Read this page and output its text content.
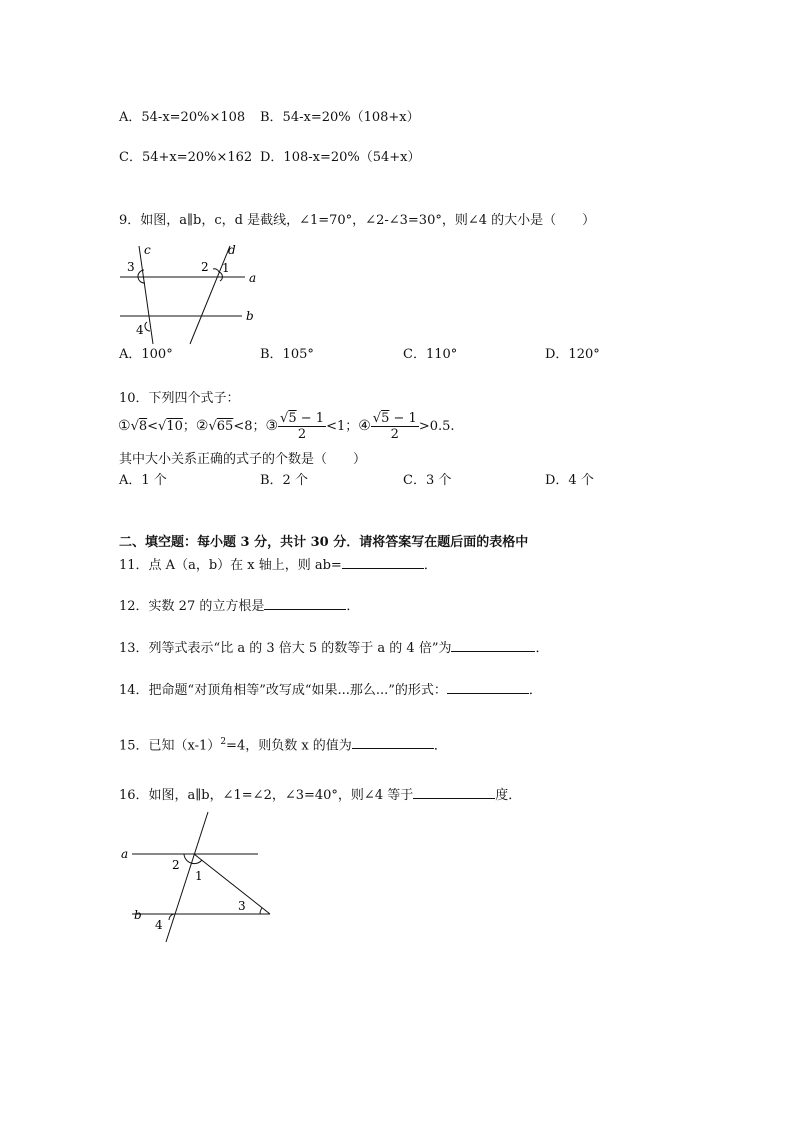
A．54-x=20%×108 B．54-x=20%（108+x）
C．54+x=20%×162 D．108-x=20%（54+x）
9．如图，a∥b，c，d 是截线，∠1=70°，∠2-∠3=30°，则∠4 的大小是（　　）
c	d
a
b
1
2
3
4
A．100°	B．105°	C．110°	D．120°
10．下列四个式子：
①√8<√10；②√65<8；③ $\frac{√5 - 1}{2} <1$；④ $\frac{√5 - 1}{2} >0.5$.
其中大小关系正确的式子的个数是（　　）
A．1 个	B．2 个	C．3 个	D．4 个
二、填空题：每小题 3 分，共计 30 分．请将答案写在题后面的表格中
11．点 A（a，b）在 x 轴上，则 ab=	．
12．实数 27 的立方根是	．
13．列等式表示“比 a 的 3 倍大 5 的数等于 a 的 4 倍”为	．
14．把命题“对顶角相等”改写成“如果...那么...”的形式：	．
15．已知$(x-1)^2=4$，则负数 x 的值为	．
16．如图，a∥b，∠1=∠2，∠3=40°，则∠4 等于	度．
a
b
1
2
3
4
